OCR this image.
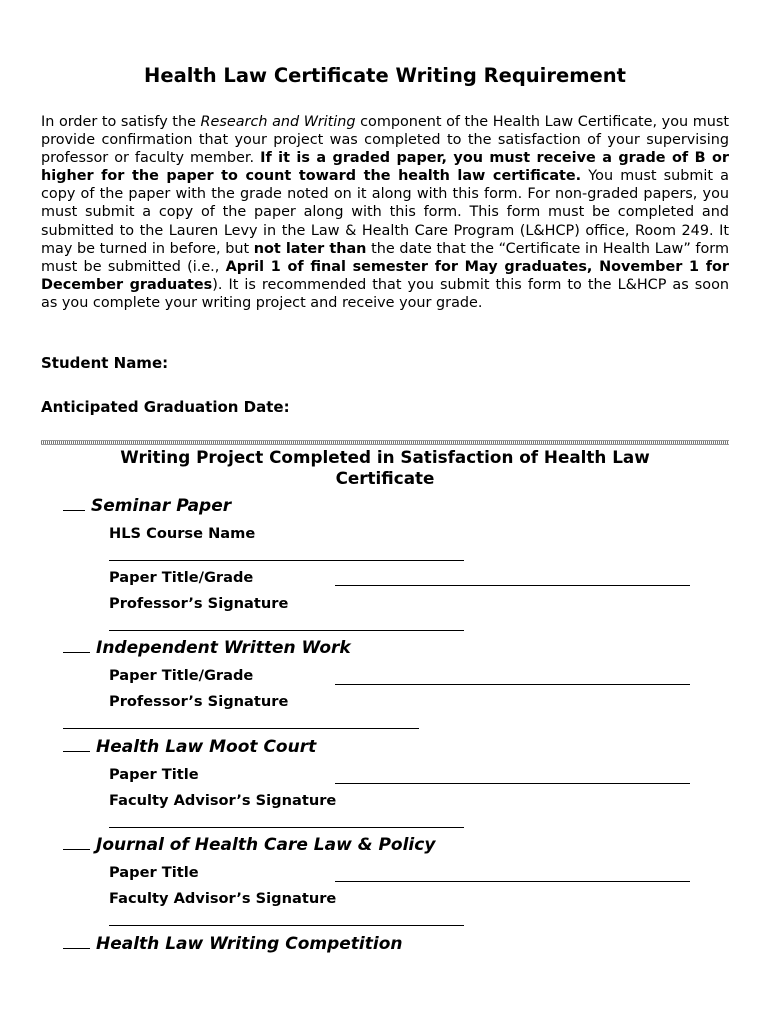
Health Law Certificate Writing Requirement
In order to satisfy the Research and Writing component of the Health Law Certificate, you must provide confirmation that your project was completed to the satisfaction of your supervising professor or faculty member. If it is a graded paper, you must receive a grade of B or higher for the paper to count toward the health law certificate. You must submit a copy of the paper with the grade noted on it along with this form. For non-graded papers, you must submit a copy of the paper along with this form. This form must be completed and submitted to the Lauren Levy in the Law & Health Care Program (L&HCP) office, Room 249. It may be turned in before, but not later than the date that the “Certificate in Health Law” form must be submitted (i.e., April 1 of final semester for May graduates, November 1 for December graduates). It is recommended that you submit this form to the L&HCP as soon as you complete your writing project and receive your grade.
Student Name:
Anticipated Graduation Date:
Writing Project Completed in Satisfaction of Health Law Certificate
Seminar Paper
HLS Course Name
Paper Title/Grade
Professor’s Signature
Independent Written Work
Paper Title/Grade
Professor’s Signature
Health Law Moot Court
Paper Title
Faculty Advisor’s Signature
Journal of Health Care Law & Policy
Paper Title
Faculty Advisor’s Signature
Health Law Writing Competition
